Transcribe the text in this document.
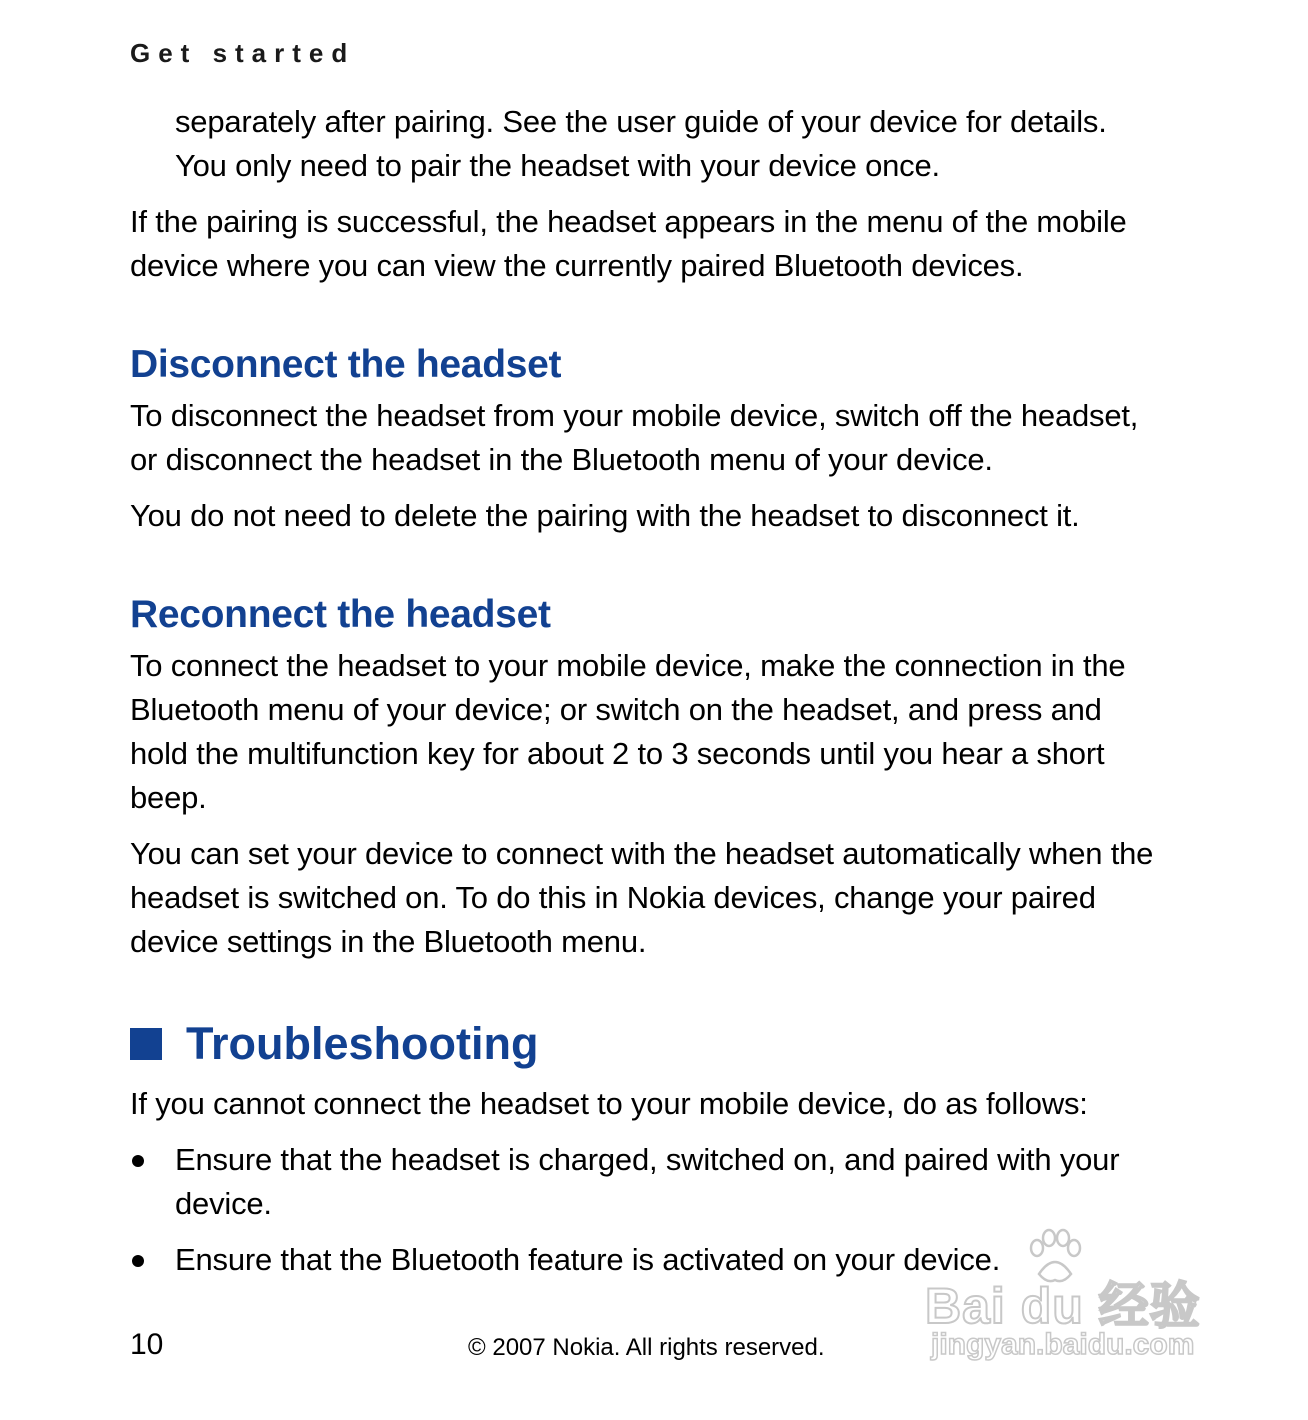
Get started

separately after pairing. See the user guide of your device for details.
You only need to pair the headset with your device once.

If the pairing is successful, the headset appears in the menu of the mobile device where you can view the currently paired Bluetooth devices.

Disconnect the headset

To disconnect the headset from your mobile device, switch off the headset, or disconnect the headset in the Bluetooth menu of your device.

You do not need to delete the pairing with the headset to disconnect it.

Reconnect the headset

To connect the headset to your mobile device, make the connection in the Bluetooth menu of your device; or switch on the headset, and press and hold the multifunction key for about 2 to 3 seconds until you hear a short beep.

You can set your device to connect with the headset automatically when the headset is switched on. To do this in Nokia devices, change your paired device settings in the Bluetooth menu.

Troubleshooting

If you cannot connect the headset to your mobile device, do as follows:

Ensure that the headset is charged, switched on, and paired with your device.
Ensure that the Bluetooth feature is activated on your device.
10	© 2007 Nokia. All rights reserved.
Bai du 经验
jingyan.baidu.com
